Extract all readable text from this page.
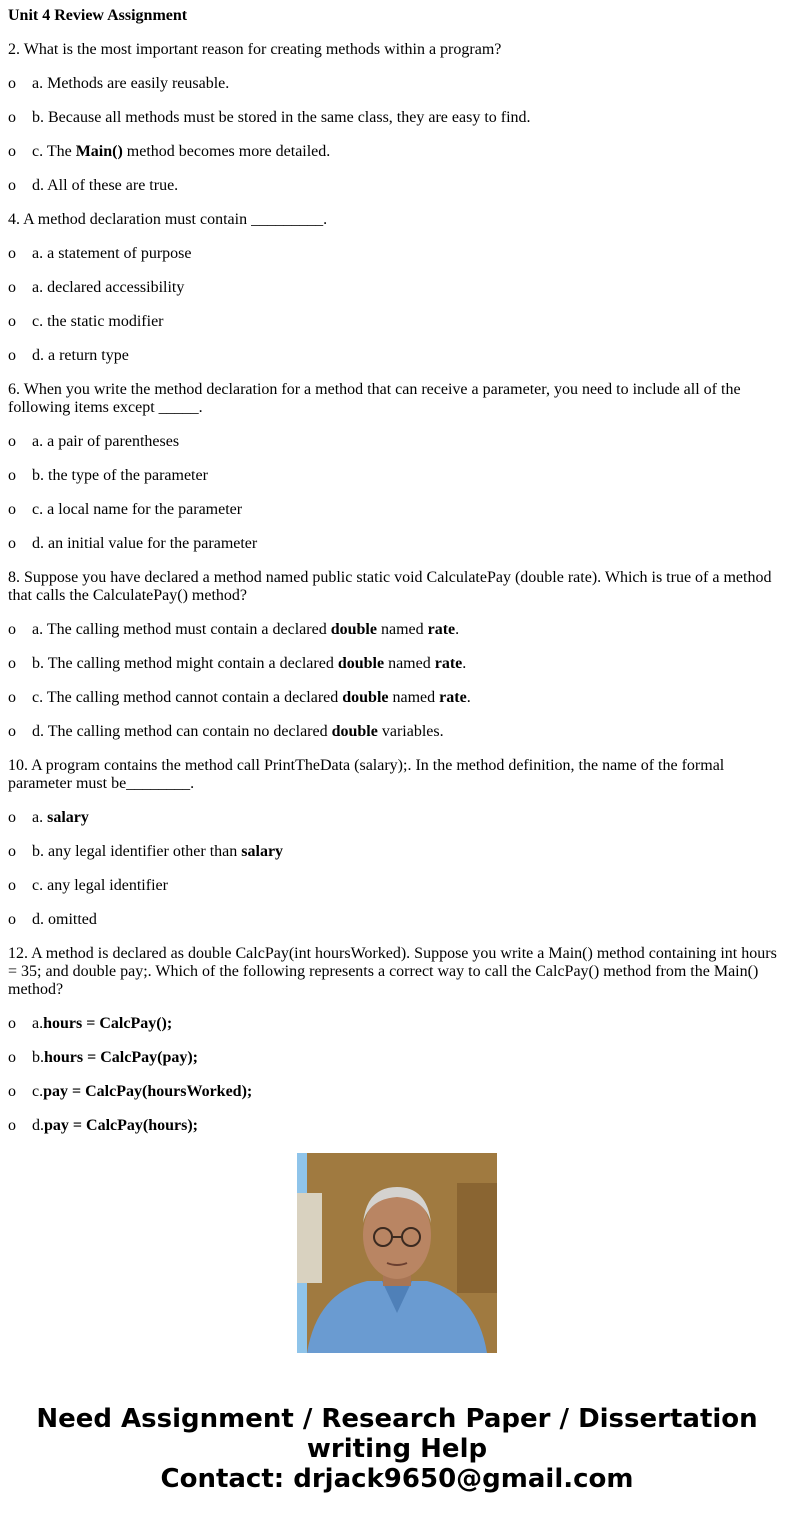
Unit 4 Review Assignment

2. What is the most important reason for creating methods within a program?

o	a. Methods are easily reusable.

o	b. Because all methods must be stored in the same class, they are easy to find.

o	c. The Main() method becomes more detailed.

o	d. All of these are true.

4. A method declaration must contain _________.

o	a. a statement of purpose

o	a. declared accessibility

o	c. the static modifier

o	d. a return type

6. When you write the method declaration for a method that can receive a parameter, you need to include all of the following items except _____.

o	a. a pair of parentheses

o	b. the type of the parameter

o	c. a local name for the parameter

o	d. an initial value for the parameter

8. Suppose you have declared a method named public static void CalculatePay (double rate). Which is true of a method that calls the CalculatePay() method?

o	a. The calling method must contain a declared double named rate.

o	b. The calling method might contain a declared double named rate.

o	c. The calling method cannot contain a declared double named rate.

o	d. The calling method can contain no declared double variables.

10. A program contains the method call PrintTheData (salary);. In the method definition, the name of the formal parameter must be________.

o	a. salary

o	b. any legal identifier other than salary

o	c. any legal identifier

o	d. omitted

12. A method is declared as double CalcPay(int hoursWorked). Suppose you write a Main() method containing int hours = 35; and double pay;. Which of the following represents a correct way to call the CalcPay() method from the Main() method?

o	a.hours = CalcPay();

o	b.hours = CalcPay(pay);

o	c.pay = CalcPay(hoursWorked);

o	d.pay = CalcPay(hours);

Need Assignment / Research Paper / Dissertation
writing Help
Contact: drjack9650@gmail.com
